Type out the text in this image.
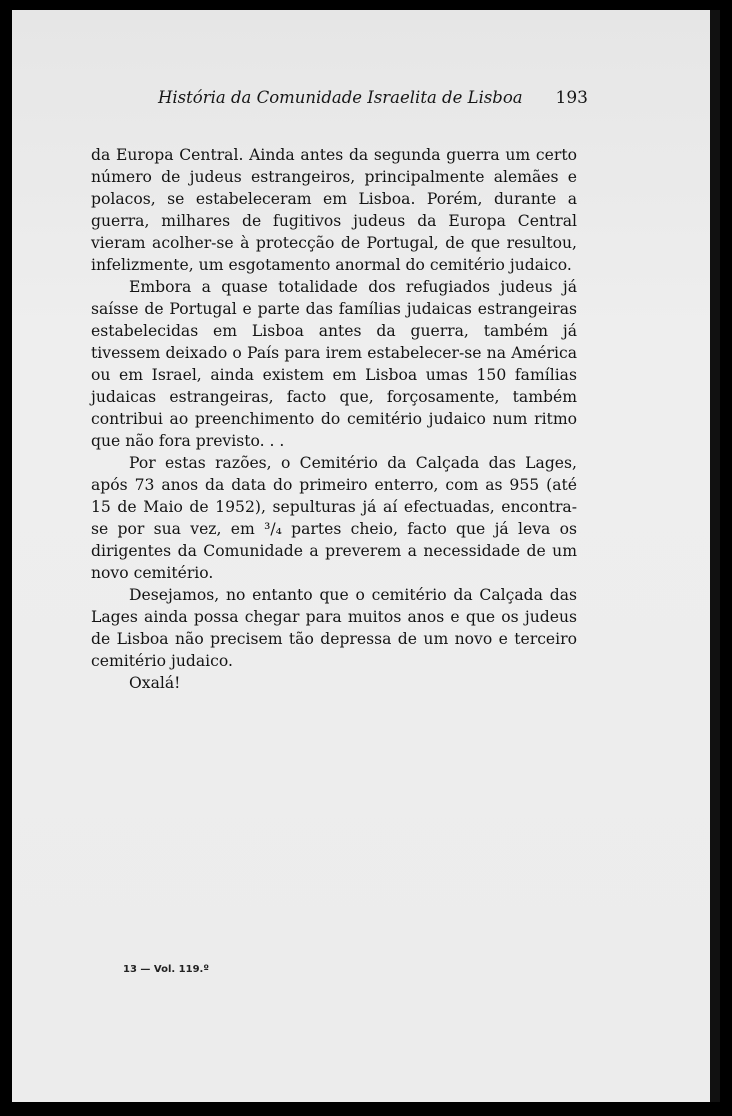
História da Comunidade Israelita de Lisboa 193

da Europa Central. Ainda antes da segunda guerra um certo número de judeus estrangeiros, principalmente alemães e polacos, se estabeleceram em Lisboa. Porém, durante a guerra, milhares de fugitivos judeus da Europa Central vieram acolher-se à protecção de Portugal, de que resultou, infelizmente, um esgotamento anormal do cemitério judaico.

Embora a quase totalidade dos refugiados judeus já saísse de Portugal e parte das famílias judaicas estrangeiras estabelecidas em Lisboa antes da guerra, também já tivessem deixado o País para irem estabelecer-se na América ou em Israel, ainda existem em Lisboa umas 150 famílias judaicas estrangeiras, facto que, forçosamente, também contribui ao preenchimento do cemitério judaico num ritmo que não fora previsto. . .

Por estas razões, o Cemitério da Calçada das Lages, após 73 anos da data do primeiro enterro, com as 955 (até 15 de Maio de 1952), sepulturas já aí efectuadas, encontra-se por sua vez, em ³/₄ partes cheio, facto que já leva os dirigentes da Comunidade a preverem a necessidade de um novo cemitério.

Desejamos, no entanto que o cemitério da Calçada das Lages ainda possa chegar para muitos anos e que os judeus de Lisboa não precisem tão depressa de um novo e terceiro cemitério judaico.

Oxalá!

13 — Vol. 119.º
